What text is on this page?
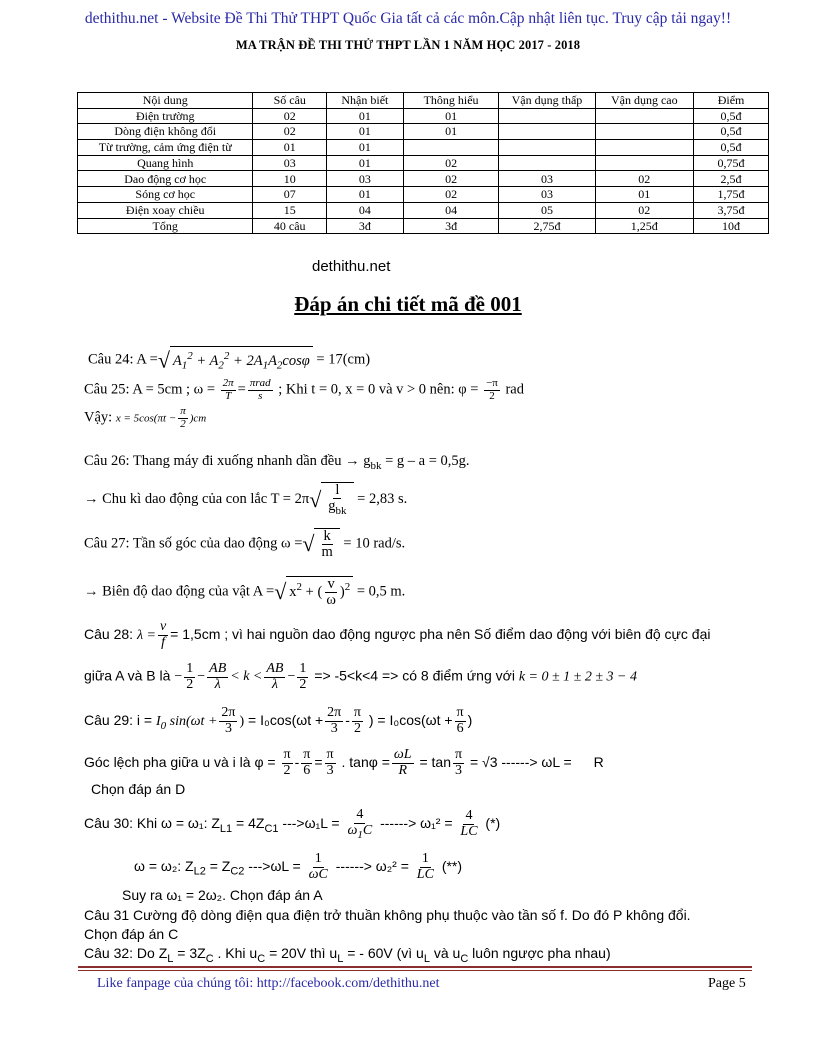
dethithu.net - Website Đề Thi Thử THPT Quốc Gia tất cả các môn.Cập nhật liên tục. Truy cập tải ngay!!
MA TRẬN ĐỀ THI THỬ THPT LẦN 1 NĂM HỌC 2017 - 2018
Nội dung	Số câu	Nhận biết	Thông hiểu	Vận dụng thấp	Vận dụng cao	Điểm
Điện trường	02	01	01			0,5đ
Dòng điện không đổi	02	01	01			0,5đ
Từ trường, cảm ứng điện từ	01	01				0,5đ
Quang hình	03	01	02			0,75đ
Dao động cơ học	10	03	02	03	02	2,5đ
Sóng cơ học	07	01	02	03	01	1,75đ
Điện xoay chiều	15	04	04	05	02	3,75đ
Tổng	40 câu	3đ	3đ	2,75đ	1,25đ	10đ
dethithu.net
Đáp án chi tiết mã đề 001
Câu 24: A =√ $A_1^2 + A_2^2 + 2A_1A_2\cos\varphi = 17(cm)$
Câu 25: A = 5cm ; $\omega = \frac{2\pi}{T} = \frac{\text{πrad}}{s}$ ; Khi t = 0, x = 0 và v > 0 nên: $\varphi = \frac{-\pi}{2}$ rad
Vậy: $x = 5\cos(\pi t - \frac{\pi}{2} )cm$
Câu 26: Thang máy đi xuống nhanh dần đều → $g_{bk} = g - a = 0,5g$.
→ Chu kì dao động của con lắc $T = 2\pi√ \frac{l}{g_{bk}} = 2,83$ s.
Câu 27: Tần số góc của dao động ω =√ $\frac{k}{m} = 10$ rad/s.
→ Biên độ dao động của vật A =√ $x^2$ + ( $\frac{v}{\omega} )^2 = 0,5$ m.
Câu 28: $\lambda = \frac{v}{f} = 1,5cm$ ; vì hai nguồn dao động ngược pha nên Số điểm dao động với biên độ cực đại
giữa A và B là − $\frac{1}{2} - \frac{AB}{\lambda} < k < \frac{AB}{\lambda} - \frac{1}{2} => -5<k<4$ => có 8 điểm ứng với k = 0 ± 1 ± 2 ± 3 − 4
Câu 29: $i = I_0$ $\sin(\omega t + \frac{2\pi}{3}$ ) = $I_0\cos(\omega t + \frac{2\pi}{3} - \frac{\pi}{2}$ ) = $I_0\cos(\omega t + \frac{\pi}{6}$ )
Góc lệch pha giữa u và i là $\varphi = \frac{\pi}{2} - \frac{\pi}{6} = \frac{\pi}{3}$ . $\tan\varphi = \frac{\omega L}{R} = \tan \frac{\pi}{3} = √3$ ------> ωL = R
Chọn đáp án D
Câu 30: Khi ω = ω₁: $Z_{L1} = 4Z_{C1}$ $--->\omega_1L = \frac{4}{\omega_1C}$ ------> $\omega_1^2 = \frac{4}{LC}$ (*)
ω = ω₂: $Z_{L2} = Z_{C2}$ $--->\omega L = \frac{1}{\omega C}$ ------> $\omega_2^2 = \frac{1}{LC}$ (**)
Suy ra ω₁ = 2ω₂. Chọn đáp án A
Câu 31 Cường độ dòng điện qua điện trở thuần không phụ thuộc vào tần số f. Do đó P không đổi.
Chọn đáp án C
Câu 32: Do $Z_L = 3Z_C$ . Khi $u_C = 20V$ thì $u_L$ = - 60V (vì $u_L$ và $u_C$ luôn ngược pha nhau)
Like fanpage của chúng tôi: http://facebook.com/dethithu.net	Page 5
